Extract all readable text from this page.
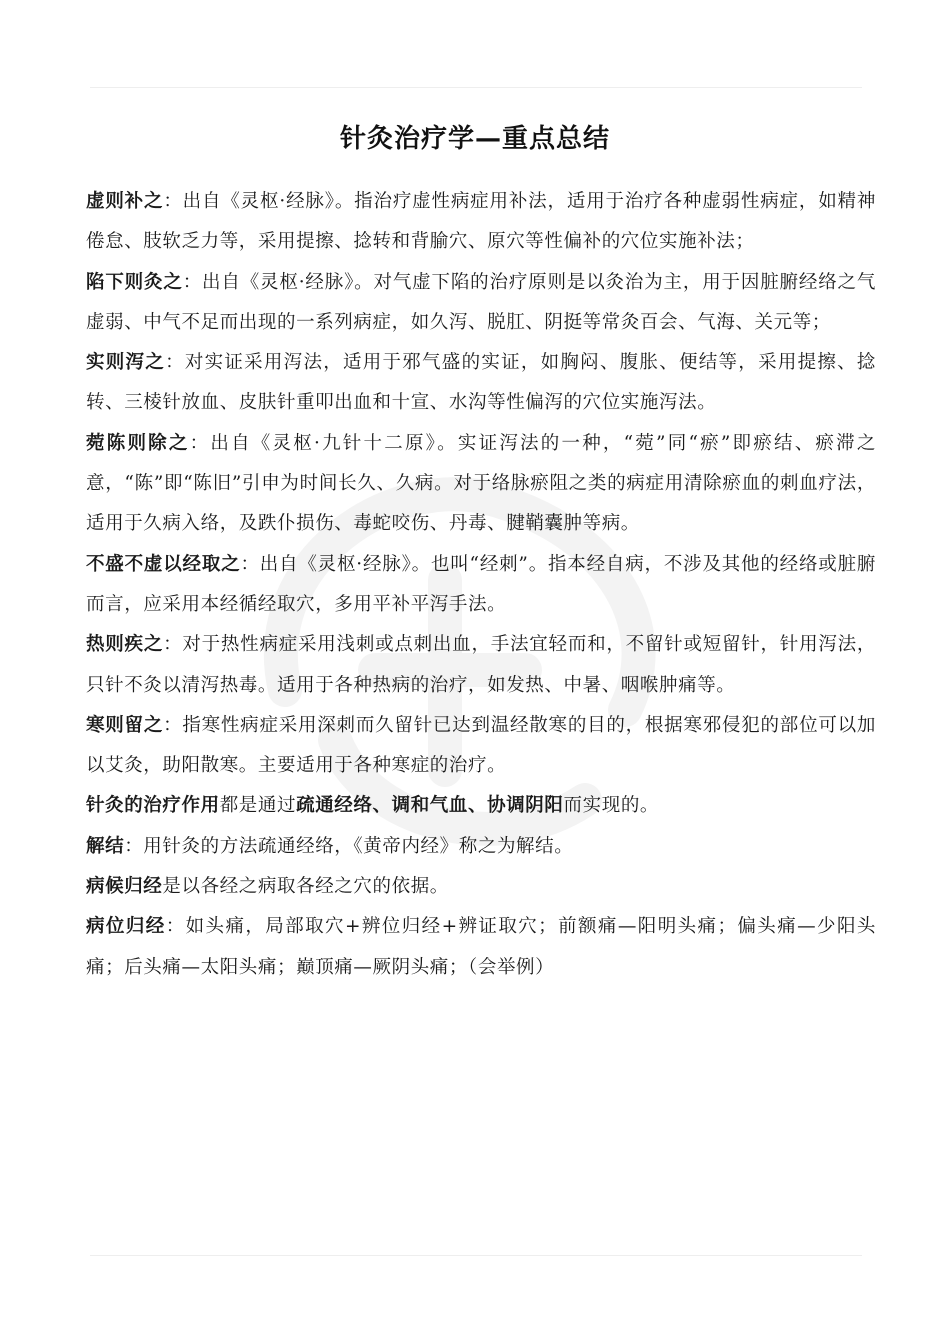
针灸治疗学—重点总结

虚则补之：出自《灵枢·经脉》。指治疗虚性病症用补法，适用于治疗各种虚弱性病症，如精神倦怠、肢软乏力等，采用提擦、捻转和背腧穴、原穴等性偏补的穴位实施补法；

陷下则灸之：出自《灵枢·经脉》。对气虚下陷的治疗原则是以灸治为主，用于因脏腑经络之气虚弱、中气不足而出现的一系列病症，如久泻、脱肛、阴挺等常灸百会、气海、关元等；

实则泻之：对实证采用泻法，适用于邪气盛的实证，如胸闷、腹胀、便结等，采用提擦、捻转、三棱针放血、皮肤针重叩出血和十宣、水沟等性偏泻的穴位实施泻法。

菀陈则除之：出自《灵枢·九针十二原》。实证泻法的一种，“菀”同“瘀”即瘀结、瘀滞之意，“陈”即“陈旧”引申为时间长久、久病。对于络脉瘀阻之类的病症用清除瘀血的刺血疗法，适用于久病入络，及跌仆损伤、毒蛇咬伤、丹毒、腱鞘囊肿等病。

不盛不虚以经取之：出自《灵枢·经脉》。也叫“经刺”。指本经自病，不涉及其他的经络或脏腑而言，应采用本经循经取穴，多用平补平泻手法。

热则疾之：对于热性病症采用浅刺或点刺出血，手法宜轻而和，不留针或短留针，针用泻法，只针不灸以清泻热毒。适用于各种热病的治疗，如发热、中暑、咽喉肿痛等。

寒则留之：指寒性病症采用深刺而久留针已达到温经散寒的目的，根据寒邪侵犯的部位可以加以艾灸，助阳散寒。主要适用于各种寒症的治疗。

针灸的治疗作用都是通过疏通经络、调和气血、协调阴阳而实现的。

解结：用针灸的方法疏通经络，《黄帝内经》称之为解结。

病候归经是以各经之病取各经之穴的依据。

病位归经：如头痛，局部取穴+辨位归经+辨证取穴；前额痛—阳明头痛；偏头痛—少阳头痛；后头痛—太阳头痛；巅顶痛—厥阴头痛；（会举例）
